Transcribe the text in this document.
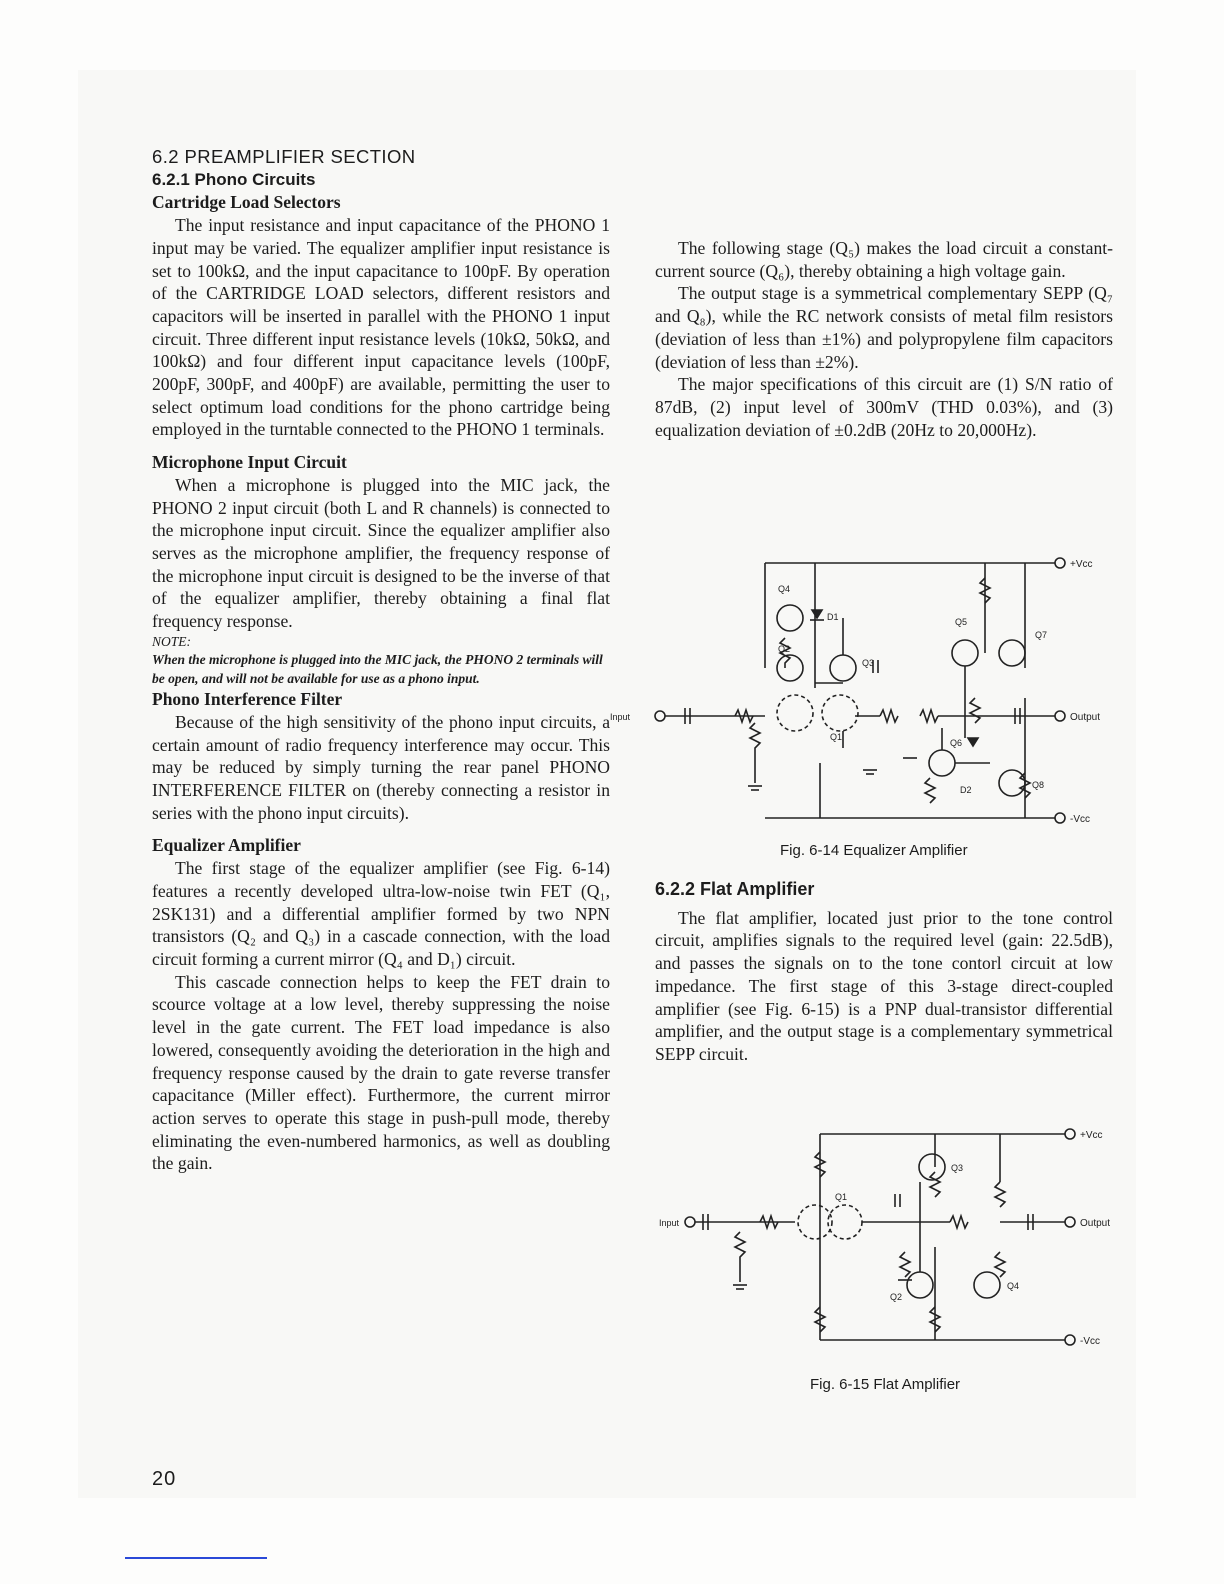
6.2 PREAMPLIFIER SECTION

6.2.1 Phono Circuits

Cartridge Load Selectors

The input resistance and input capacitance of the PHONO 1 input may be varied. The equalizer amplifier input resistance is set to 100kΩ, and the input capacitance to 100pF. By operation of the CARTRIDGE LOAD selectors, different resistors and capacitors will be inserted in parallel with the PHONO 1 input circuit. Three different input resistance levels (10kΩ, 50kΩ, and 100kΩ) and four different input capacitance levels (100pF, 200pF, 300pF, and 400pF) are available, permitting the user to select optimum load conditions for the phono cartridge being employed in the turntable connected to the PHONO 1 terminals.

Microphone Input Circuit

When a microphone is plugged into the MIC jack, the PHONO 2 input circuit (both L and R channels) is connected to the microphone input circuit. Since the equalizer amplifier also serves as the microphone amplifier, the frequency response of the microphone input circuit is designed to be the inverse of that of the equalizer amplifier, thereby obtaining a final flat frequency response.

NOTE:
When the microphone is plugged into the MIC jack, the PHONO 2 terminals will be open, and will not be available for use as a phono input.

Phono Interference Filter

Because of the high sensitivity of the phono input circuits, a certain amount of radio frequency interference may occur. This may be reduced by simply turning the rear panel PHONO INTERFERENCE FILTER on (thereby connecting a resistor in series with the phono input circuits).

Equalizer Amplifier

The first stage of the equalizer amplifier (see Fig. 6-14) features a recently developed ultra-low-noise twin FET (Q₁, 2SK131) and a differential amplifier formed by two NPN transistors (Q₂ and Q₃) in a cascade connection, with the load circuit forming a current mirror (Q₄ and D₁) circuit.

This cascade connection helps to keep the FET drain to scource voltage at a low level, thereby suppressing the noise level in the gate current. The FET load impedance is also lowered, consequently avoiding the deterioration in the high and frequency response caused by the drain to gate reverse transfer capacitance (Miller effect). Furthermore, the current mirror action serves to operate this stage in push-pull mode, thereby eliminating the even-numbered harmonics, as well as doubling the gain.

The following stage (Q₅) makes the load circuit a constant-current source (Q₆), thereby obtaining a high voltage gain.

The output stage is a symmetrical complementary SEPP (Q₇ and Q₈), while the RC network consists of metal film resistors (deviation of less than ±1%) and polypropylene film capacitors (deviation of less than ±2%).

The major specifications of this circuit are (1) S/N ratio of 87dB, (2) input level of 300mV (THD 0.03%), and (3) equalization deviation of ±0.2dB (20Hz to 20,000Hz).

+Vcc
-Vcc
Input	Output
Q4
Q2
Q3
Q1
D1	Q5
Q7
Q6
D2	Q8
Fig. 6-14 Equalizer Amplifier

6.2.2 Flat Amplifier

The flat amplifier, located just prior to the tone control circuit, amplifies signals to the required level (gain: 22.5dB), and passes the signals on to the tone contorl circuit at low impedance. The first stage of this 3-stage direct-coupled amplifier (see Fig. 6-15) is a PNP dual-transistor differential amplifier, and the output stage is a complementary symmetrical SEPP circuit.

+Vcc
-Vcc
Input	Output
Q1
Q2
Q3
Q4
Fig. 6-15 Flat Amplifier
20
